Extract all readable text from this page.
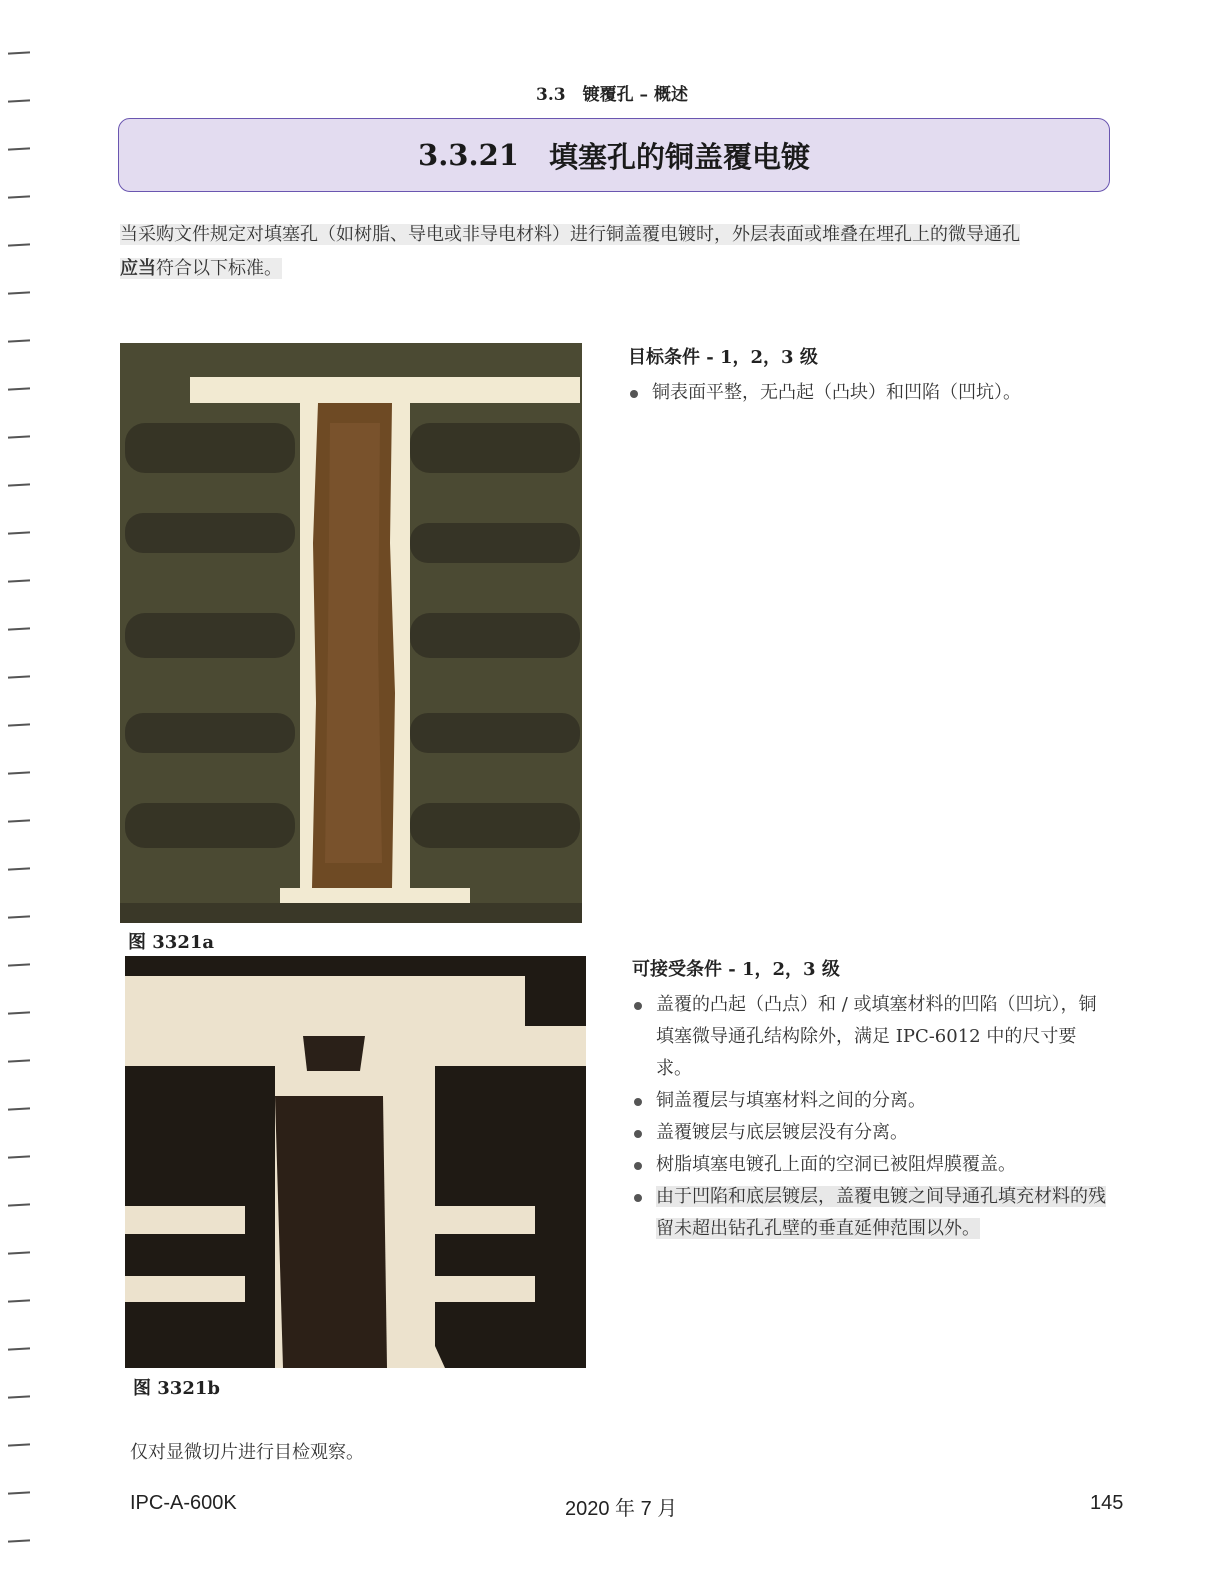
3.3　镀覆孔 – 概述
3.3.21 填塞孔的铜盖覆电镀
当采购文件规定对填塞孔（如树脂、导电或非导电材料）进行铜盖覆电镀时，外层表面或堆叠在埋孔上的微导通孔
应当符合以下标准。
图 3321a
图 3321b
目标条件 - 1，2，3 级
铜表面平整，无凸起（凸块）和凹陷（凹坑）。
可接受条件 - 1，2，3 级
盖覆的凸起（凸点）和 / 或填塞材料的凹陷（凹坑），铜填塞微导通孔结构除外，满足 IPC-6012 中的尺寸要求。
铜盖覆层与填塞材料之间的分离。
盖覆镀层与底层镀层没有分离。
树脂填塞电镀孔上面的空洞已被阻焊膜覆盖。
由于凹陷和底层镀层，盖覆电镀之间导通孔填充材料的残留未超出钻孔孔壁的垂直延伸范围以外。
仅对显微切片进行目检观察。
IPC-A-600K	2020 年 7 月	145
